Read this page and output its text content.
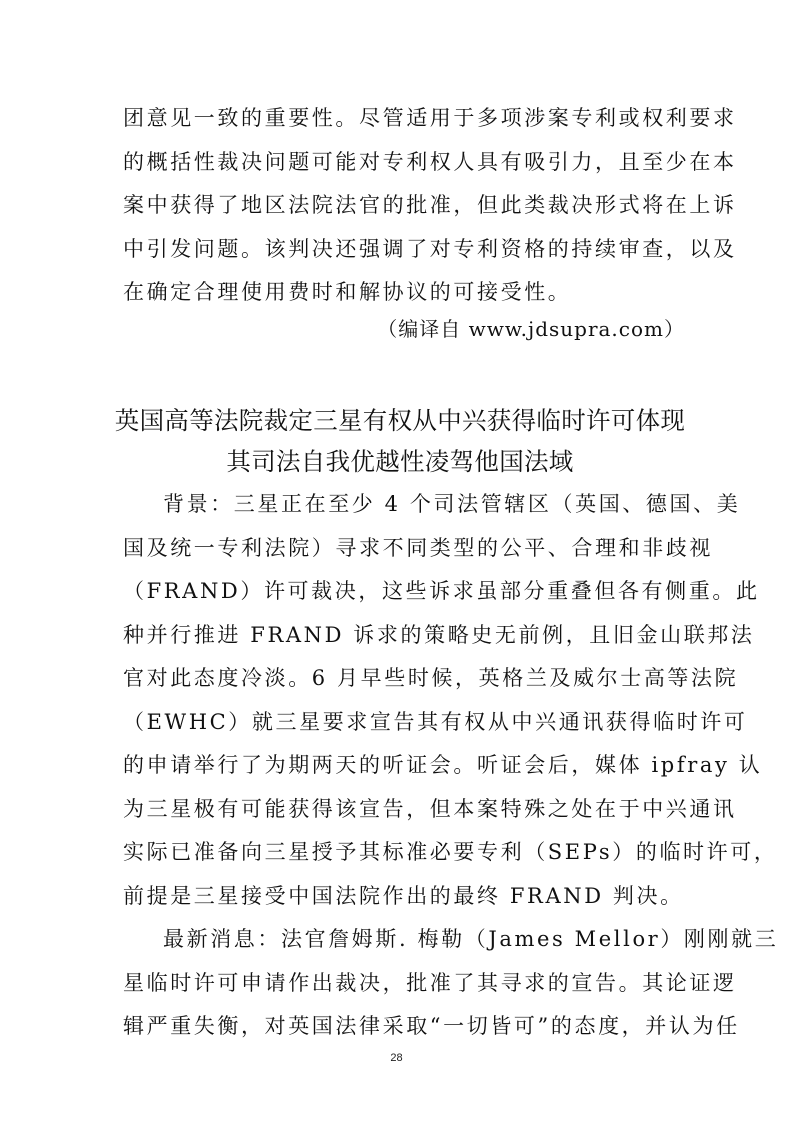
团意见一致的重要性。尽管适用于多项涉案专利或权利要求
的概括性裁决问题可能对专利权人具有吸引力，且至少在本
案中获得了地区法院法官的批准，但此类裁决形式将在上诉
中引发问题。该判决还强调了对专利资格的持续审查，以及
在确定合理使用费时和解协议的可接受性。
（编译自 www.jdsupra.com）
英国高等法院裁定三星有权从中兴获得临时许可体现
其司法自我优越性凌驾他国法域
背景：三星正在至少 4 个司法管辖区（英国、德国、美
国及统一专利法院）寻求不同类型的公平、合理和非歧视
（FRAND）许可裁决，这些诉求虽部分重叠但各有侧重。此
种并行推进 FRAND 诉求的策略史无前例，且旧金山联邦法
官对此态度冷淡。6 月早些时候，英格兰及威尔士高等法院
（EWHC）就三星要求宣告其有权从中兴通讯获得临时许可
的申请举行了为期两天的听证会。听证会后，媒体 ipfray 认
为三星极有可能获得该宣告，但本案特殊之处在于中兴通讯
实际已准备向三星授予其标准必要专利（SEPs）的临时许可，
前提是三星接受中国法院作出的最终 FRAND 判决。
最新消息：法官詹姆斯. 梅勒（James Mellor）刚刚就三
星临时许可申请作出裁决，批准了其寻求的宣告。其论证逻
辑严重失衡，对英国法律采取“一切皆可”的态度，并认为任
28
